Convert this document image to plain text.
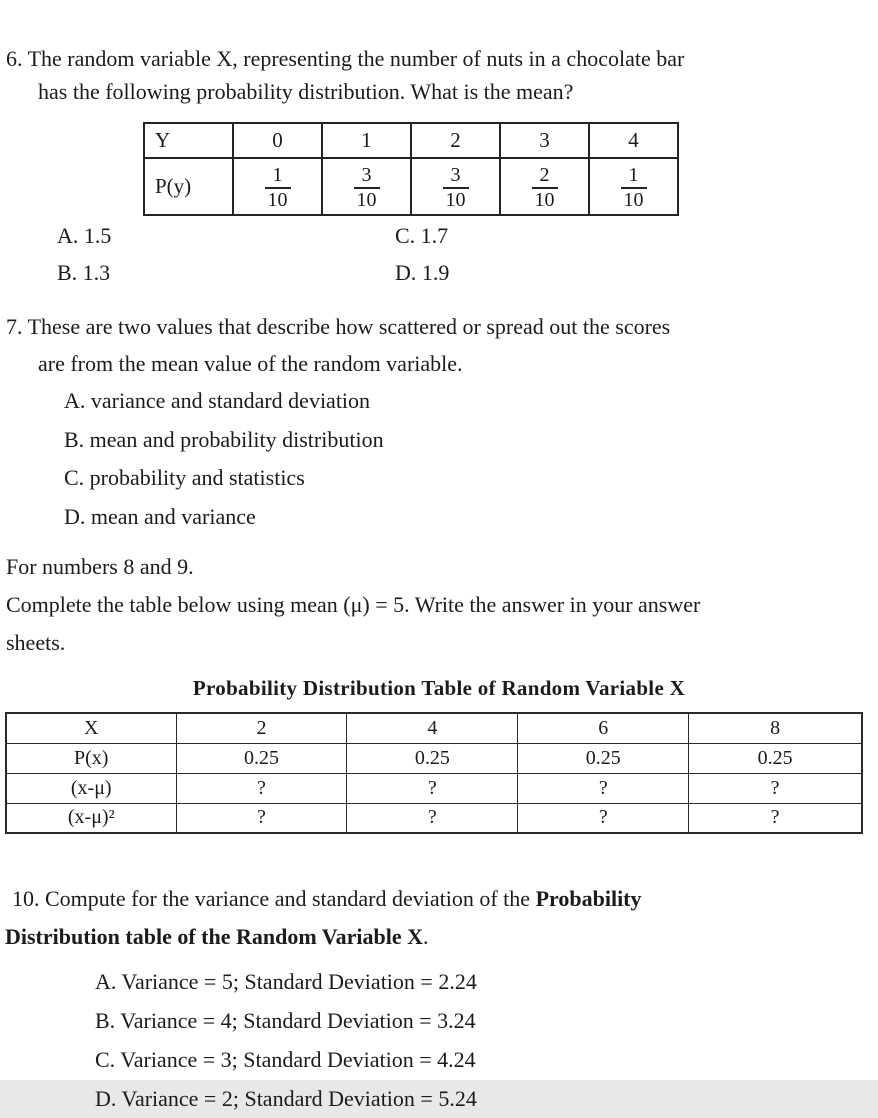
6. The random variable X, representing the number of nuts in a chocolate bar
has the following probability distribution. What is the mean?
Y	0	1	2	3	4
P(y)	$\frac{1}{10}$	$\frac{3}{10}$	$\frac{3}{10}$	$\frac{2}{10}$	$\frac{1}{10}$
A. 1.5	C. 1.7
B. 1.3	D. 1.9
7. These are two values that describe how scattered or spread out the scores
are from the mean value of the random variable.
A. variance and standard deviation
B. mean and probability distribution
C. probability and statistics
D. mean and variance
For numbers 8 and 9.
Complete the table below using mean (μ) = 5. Write the answer in your answer
sheets.
Probability Distribution Table of Random Variable X
X	2	4	6	8
P(x)	0.25	0.25	0.25	0.25
(x-μ)	?	?	?	?
(x-μ)²	?	?	?	?
10. Compute for the variance and standard deviation of the Probability
Distribution table of the Random Variable X.
A. Variance = 5; Standard Deviation = 2.24
B. Variance = 4; Standard Deviation = 3.24
C. Variance = 3; Standard Deviation = 4.24
D. Variance = 2; Standard Deviation = 5.24
